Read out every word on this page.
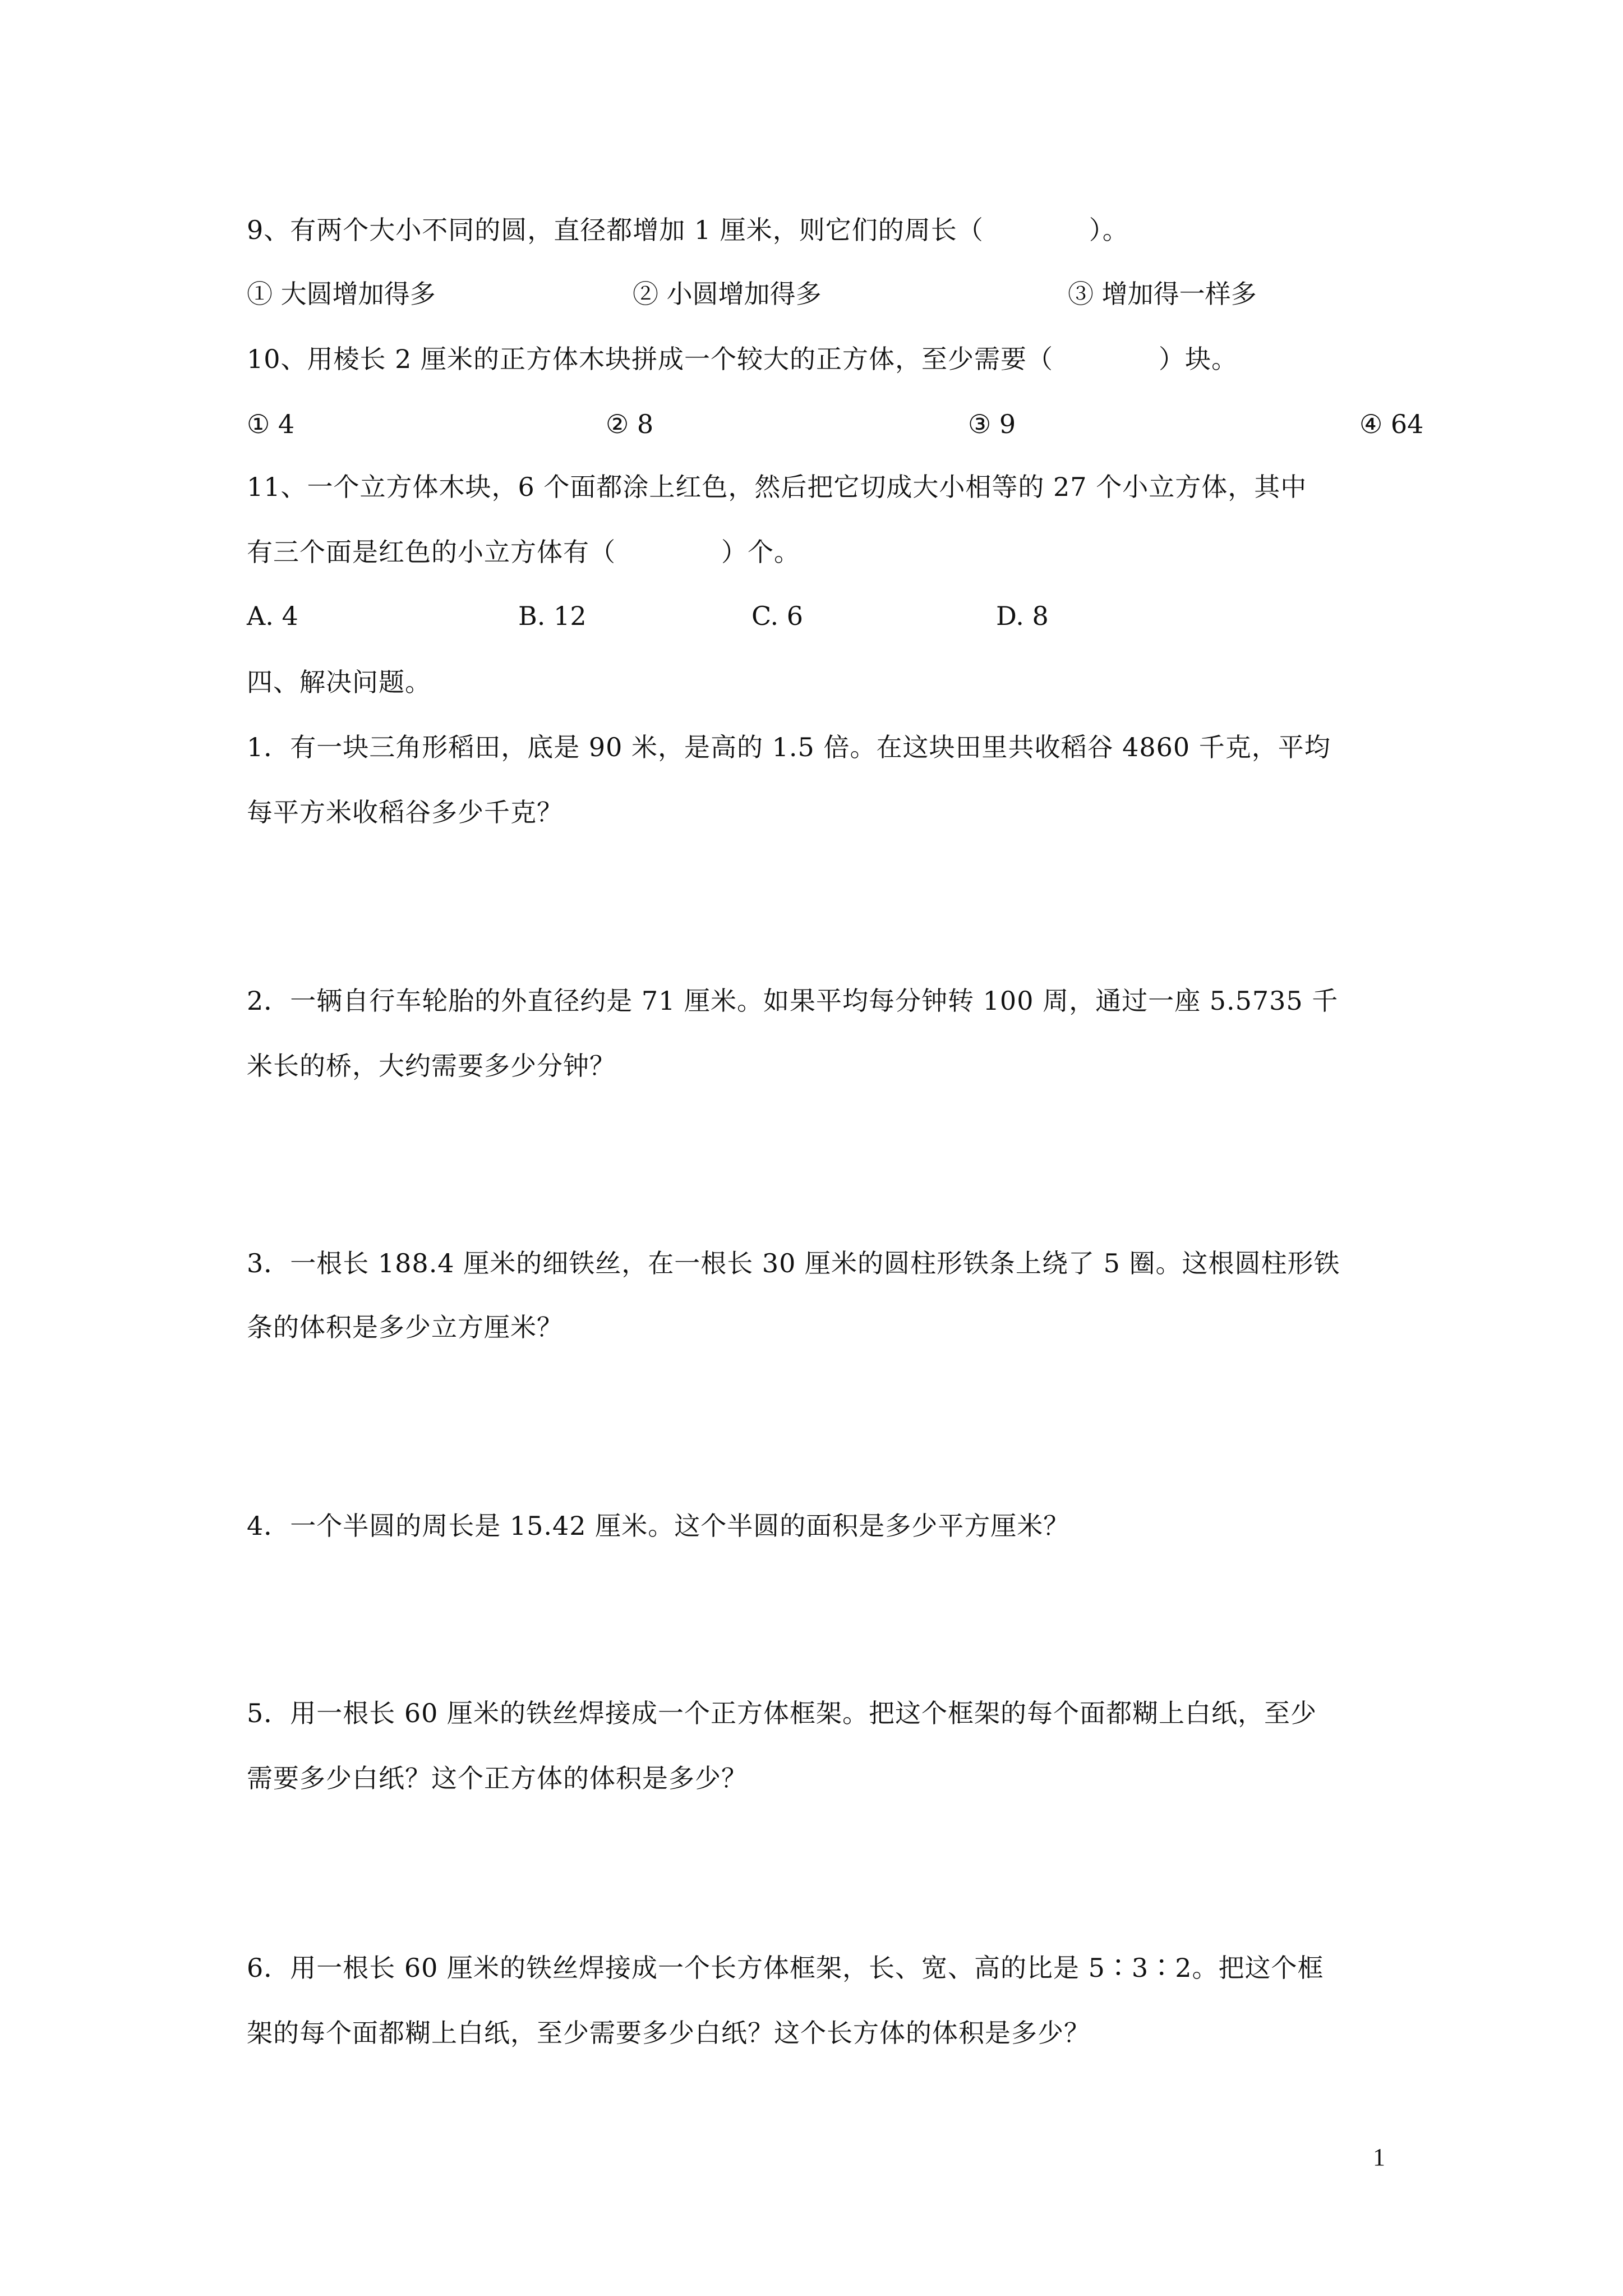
9、有两个大小不同的圆，直径都增加 1 厘米，则它们的周长（　　　　）。
① 大圆增加得多	② 小圆增加得多	③ 增加得一样多
10、用棱长 2 厘米的正方体木块拼成一个较大的正方体，至少需要（　　　　）块。
① 4	② 8	③ 9	④ 64
11、一个立方体木块，6 个面都涂上红色，然后把它切成大小相等的 27 个小立方体，其中
有三个面是红色的小立方体有（　　　　）个。
A. 4	B. 12	C. 6	D. 8
四、解决问题。
1．有一块三角形稻田，底是 90 米，是高的 1.5 倍。在这块田里共收稻谷 4860 千克，平均
每平方米收稻谷多少千克？
2．一辆自行车轮胎的外直径约是 71 厘米。如果平均每分钟转 100 周，通过一座 5.5735 千
米长的桥，大约需要多少分钟？
3．一根长 188.4 厘米的细铁丝，在一根长 30 厘米的圆柱形铁条上绕了 5 圈。这根圆柱形铁
条的体积是多少立方厘米？
4．一个半圆的周长是 15.42 厘米。这个半圆的面积是多少平方厘米？
5．用一根长 60 厘米的铁丝焊接成一个正方体框架。把这个框架的每个面都糊上白纸，至少
需要多少白纸？这个正方体的体积是多少？
6．用一根长 60 厘米的铁丝焊接成一个长方体框架，长、宽、高的比是 5∶3∶2。把这个框
架的每个面都糊上白纸，至少需要多少白纸？这个长方体的体积是多少？
1
